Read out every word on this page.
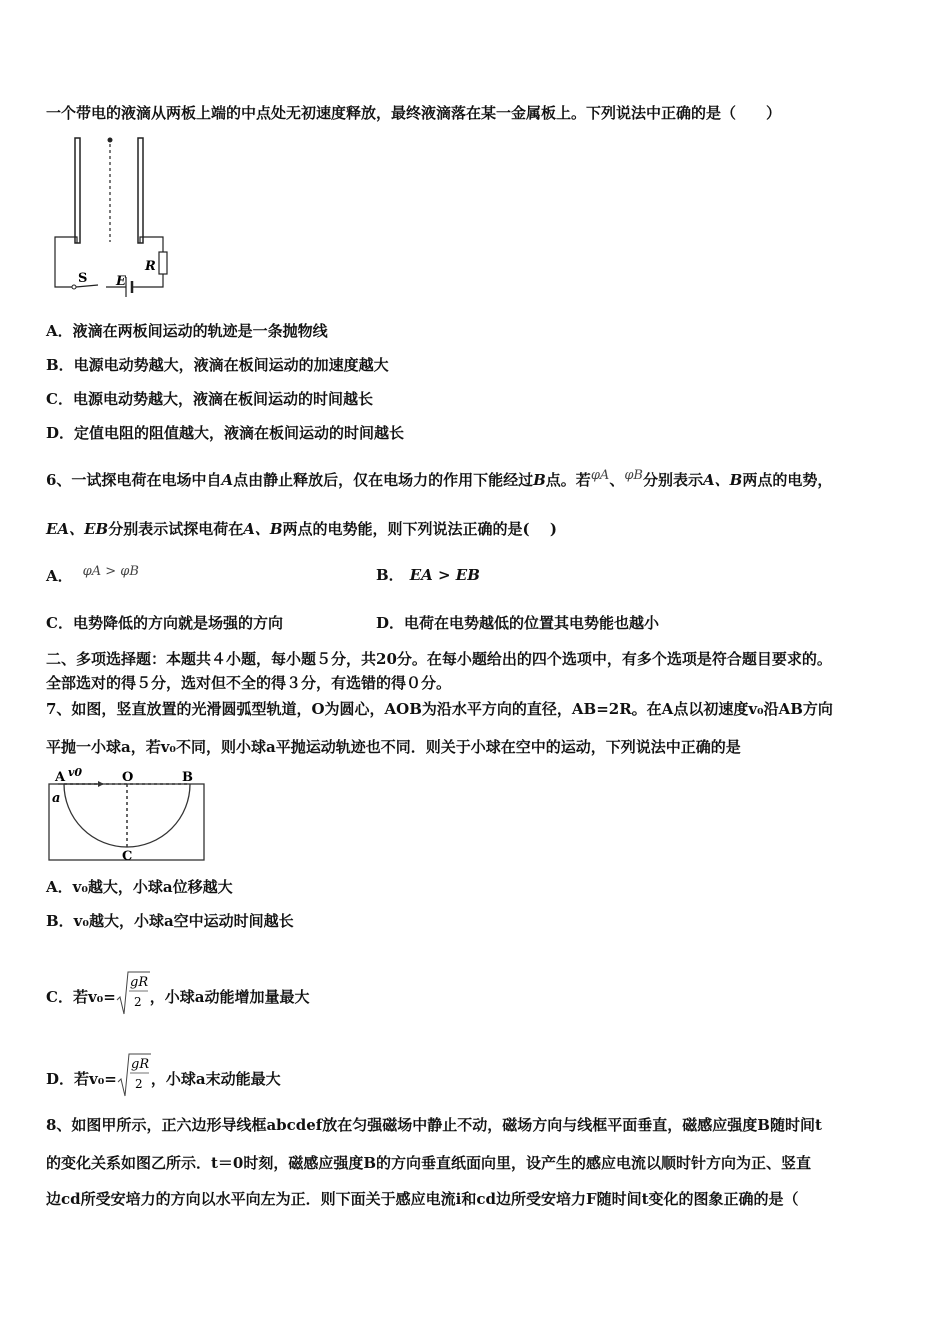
一个带电的液滴从两板上端的中点处无初速度释放，最终液滴落在某一金属板上。下列说法中正确的是（　　）
S E
R
A．液滴在两板间运动的轨迹是一条抛物线
B．电源电动势越大，液滴在板间运动的加速度越大
C．电源电动势越大，液滴在板间运动的时间越长
D．定值电阻的阻值越大，液滴在板间运动的时间越长
6、一试探电荷在电场中自A点由静止释放后，仅在电场力的作用下能经过B点。若φA、φB分别表示A、B两点的电势，
EA、EB分别表示试探电荷在A、B两点的电势能，则下列说法正确的是(　 )
A． φA > φB	B． EA > EB
C．电势降低的方向就是场强的方向	D．电荷在电势越低的位置其电势能也越小
二、多项选择题：本题共４小题，每小题５分，共20分。在每小题给出的四个选项中，有多个选项是符合题目要求的。
全部选对的得５分，选对但不全的得３分，有选错的得０分。
7、如图，竖直放置的光滑圆弧型轨道，O为圆心，AOB为沿水平方向的直径，AB=2R。在A点以初速度v₀沿AB方向
平抛一小球a，若v₀不同，则小球a平抛运动轨迹也不同．则关于小球在空中的运动，下列说法中正确的是
A v0	O	B
a
C
A．v₀越大，小球a位移越大
B．v₀越大，小球a空中运动时间越长
C．若v₀=
gR
2 ，小球a动能增加量最大
D．若v₀=
gR
2 ，小球a末动能最大
8、如图甲所示，正六边形导线框abcdef放在匀强磁场中静止不动，磁场方向与线框平面垂直，磁感应强度B随时间t
的变化关系如图乙所示．t＝0时刻，磁感应强度B的方向垂直纸面向里，设产生的感应电流以顺时针方向为正、竖直
边cd所受安培力的方向以水平向左为正．则下面关于感应电流i和cd边所受安培力F随时间t变化的图象正确的是（
